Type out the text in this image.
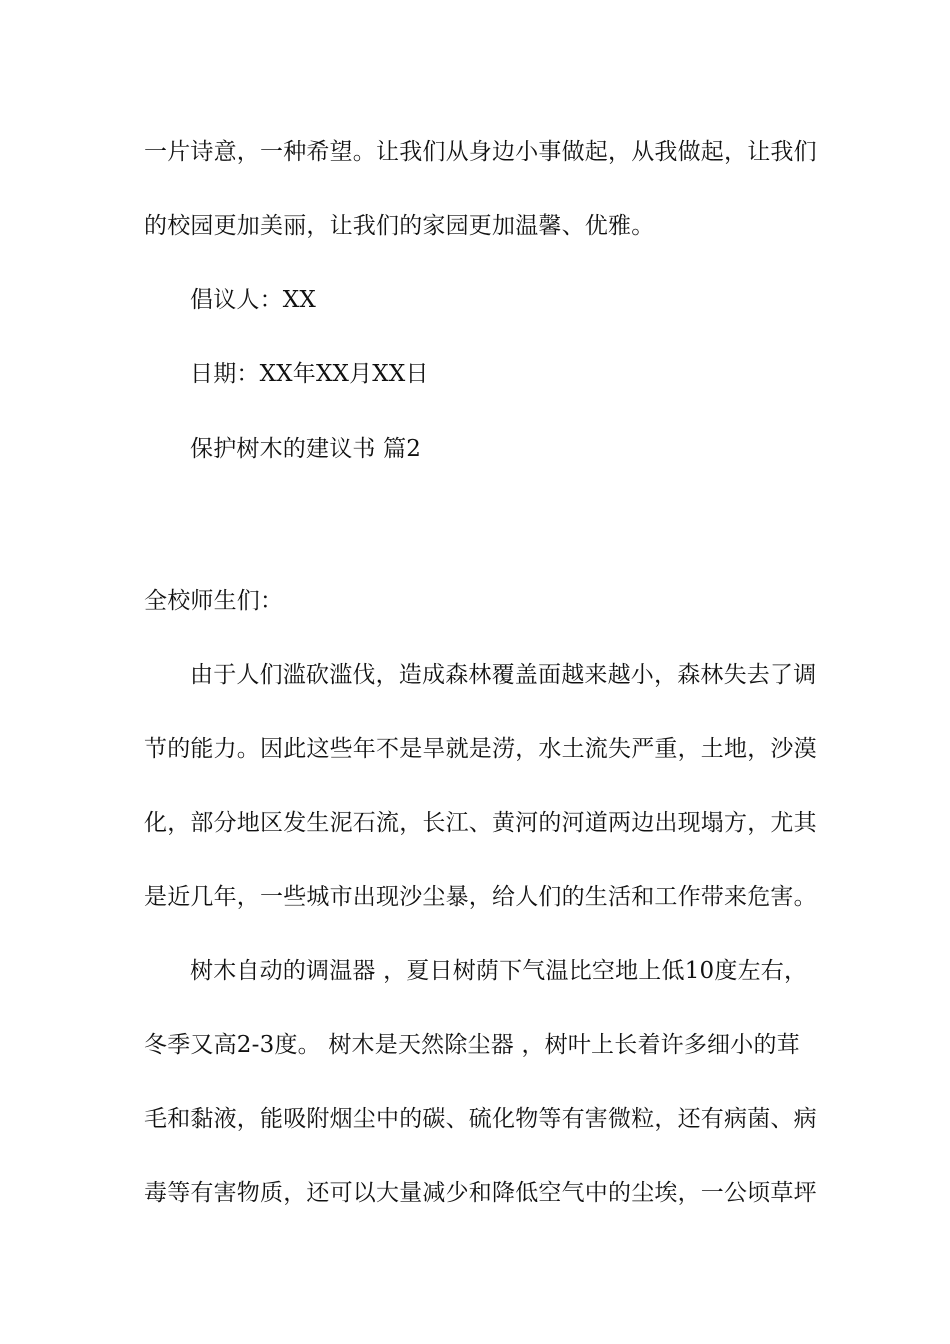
一片诗意，一种希望。让我们从身边小事做起，从我做起，让我们
的校园更加美丽，让我们的家园更加温馨、优雅。
倡议人：XX
日期：XX年XX月XX日
保护树木的建议书 篇2
全校师生们：
由于人们滥砍滥伐，造成森林覆盖面越来越小，森林失去了调
节的能力。因此这些年不是旱就是涝，水土流失严重，土地，沙漠
化，部分地区发生泥石流，长江、黄河的河道两边出现塌方，尤其
是近几年，一些城市出现沙尘暴，给人们的生活和工作带来危害。
树木自动的调温器 ，夏日树荫下气温比空地上低10度左右，
冬季又高2-3度。 树木是天然除尘器 ，树叶上长着许多细小的茸
毛和黏液，能吸附烟尘中的碳、硫化物等有害微粒，还有病菌、病
毒等有害物质，还可以大量减少和降低空气中的尘埃，一公顷草坪
